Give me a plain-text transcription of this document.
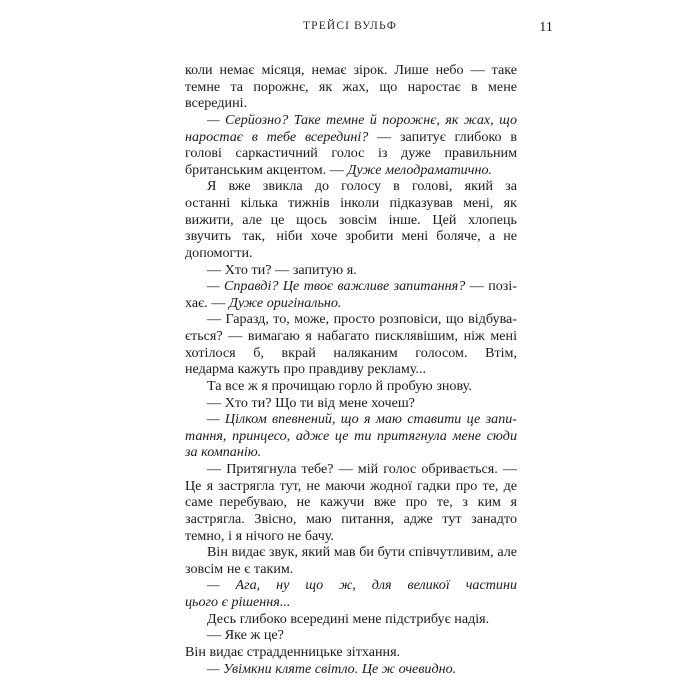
ТРЕЙСІ ВУЛЬФ	11

коли немає місяця, немає зірок. Лише небо — таке темне та порожнє, як жах, що наростає в мене всередині.

— Серйозно? Таке темне й порожнє, як жах, що наростає в тебе всередині? — запитує глибоко в голові саркастичний голос із дуже правильним британським акцентом. — Дуже мелодраматично.

Я вже звикла до голосу в голові, який за останні кілька тижнів інколи підказував мені, як вижити, але це щось зовсім інше. Цей хлопець звучить так, ніби хоче зробити мені боляче, а не допомогти.

— Хто ти? — запитую я.

— Справді? Це твоє важливе запитання? — позіхає. — Дуже оригінально.

— Гаразд, то, може, просто розповіси, що відбувається? — вимагаю я набагато писклявішим, ніж мені хотілося б, вкрай наляканим голосом. Втім, недарма кажуть про правдиву рекламу...

Та все ж я прочищаю горло й пробую знову.

— Хто ти? Що ти від мене хочеш?

— Цілком впевнений, що я маю ставити це запитання, принцесо, адже це ти притягнула мене сюди за компанію.

— Притягнула тебе? — мій голос обривається. — Це я застрягла тут, не маючи жодної гадки про те, де саме перебуваю, не кажучи вже про те, з ким я застрягла. Звісно, маю питання, адже тут занадто темно, і я нічого не бачу.

Він видає звук, який мав би бути співчутливим, але зовсім не є таким.

— Ага, ну що ж, для великої частини цього є рішення...

Десь глибоко всередині мене підстрибує надія.

— Яке ж це?

Він видає страдденницьке зітхання.

— Увімкни кляте світло. Це ж очевидно.
